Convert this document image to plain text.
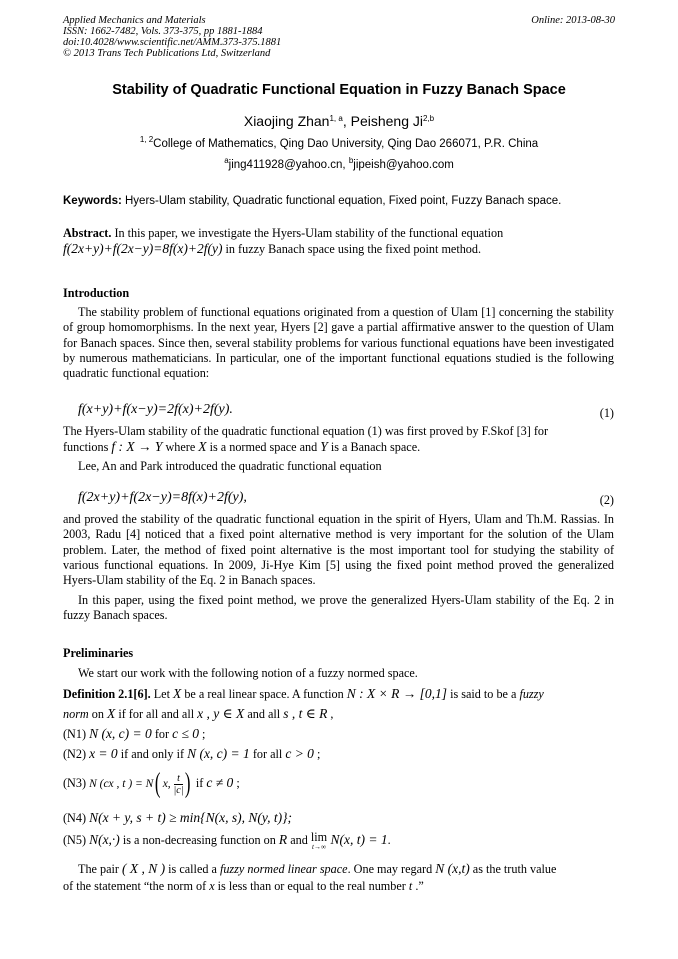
Applied Mechanics and Materials
ISSN: 1662-7482, Vols. 373-375, pp 1881-1884
doi:10.4028/www.scientific.net/AMM.373-375.1881
© 2013 Trans Tech Publications Ltd, Switzerland
Online: 2013-08-30
Stability of Quadratic Functional Equation in Fuzzy Banach Space
Xiaojing Zhan$^{1, a}$, Peisheng Ji$^{2,b}$
$^{1, 2}$College of Mathematics, Qing Dao University, Qing Dao 266071, P.R. China
$^a$jing411928@yahoo.cn, $^b$jipeish@yahoo.com
Keywords: Hyers-Ulam stability, Quadratic functional equation, Fixed point, Fuzzy Banach space.
Abstract. In this paper, we investigate the Hyers-Ulam stability of the functional equation
f(2x+y)+f(2x−y)=8f(x)+2f(y) in fuzzy Banach space using the fixed point method.
Introduction
The stability problem of functional equations originated from a question of Ulam [1] concerning the stability of group homomorphisms. In the next year, Hyers [2] gave a partial affirmative answer to the question of Ulam for Banach spaces. Since then, several stability problems for various functional equations have been investigated by numerous mathematicians. In particular, one of the important functional equations studied is the following quadratic functional equation:
f(x+y)+f(x−y)=2f(x)+2f(y).	(1)
The Hyers-Ulam stability of the quadratic functional equation (1) was first proved by F.Skof [3] for
functions f : X → Y where X is a normed space and Y is a Banach space.
Lee, An and Park introduced the quadratic functional equation
f(2x+y)+f(2x−y)=8f(x)+2f(y),	(2)
and proved the stability of the quadratic functional equation in the spirit of Hyers, Ulam and Th.M. Rassias. In 2003, Radu [4] noticed that a fixed point alternative method is very important for the solution of the Ulam problem. Later, the method of fixed point alternative is the most important tool for studying the stability of various functional equations. In 2009, Ji-Hye Kim [5] using the fixed point method proved the generalized Hyers-Ulam stability of the Eq. 2 in Banach spaces.
In this paper, using the fixed point method, we prove the generalized Hyers-Ulam stability of the Eq. 2 in fuzzy Banach spaces.
Preliminaries
We start our work with the following notion of a fuzzy normed space.
Definition 2.1[6]. Let X be a real linear space. A function N : X × R → [0,1] is said to be a fuzzy
norm on X if for all and all x , y ∈ X and all s , t ∈ R ,
(N1) N (x, c) = 0 for c ≤ 0 ;
(N2) x = 0 if and only if N (x, c) = 1 for all c > 0 ;
(N3) N (cx , t ) = N( x, $\frac{t}{|c|}$ ) if c ≠ 0 ;
(N4) N(x + y, s + t) ≥ min{N(x, s), N(y, t)};
(N5) N(x,·) is a non-decreasing function on R and lim
t→∞ N(x, t) = 1.
The pair ( X , N ) is called a fuzzy normed linear space. One may regard N (x,t) as the truth value
of the statement “the norm of x is less than or equal to the real number t .”
